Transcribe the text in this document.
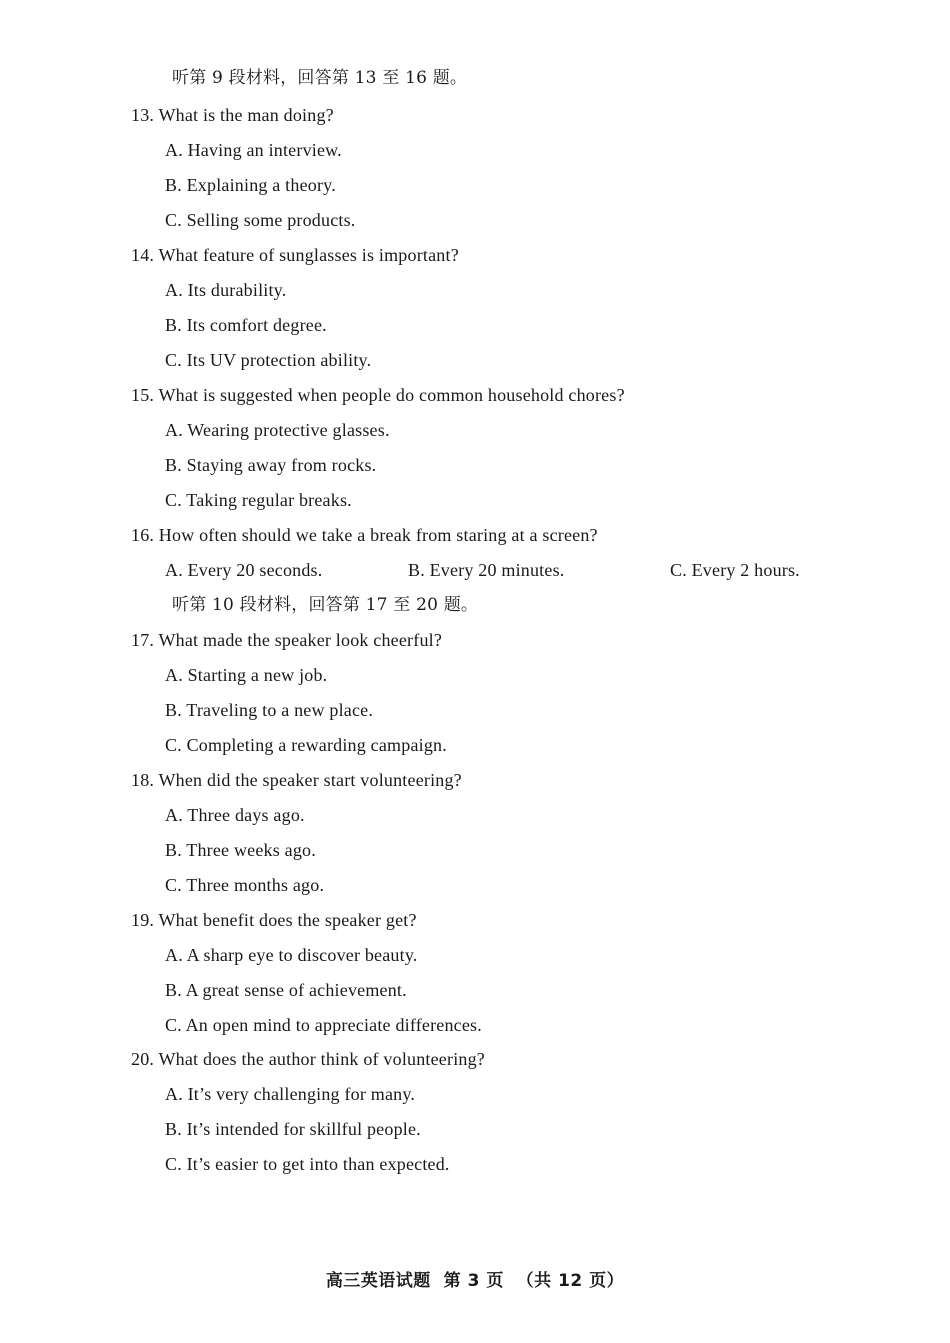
听第 9 段材料，回答第 13 至 16 题。
13. What is the man doing?
A. Having an interview.
B. Explaining a theory.
C. Selling some products.
14. What feature of sunglasses is important?
A. Its durability.
B. Its comfort degree.
C. Its UV protection ability.
15. What is suggested when people do common household chores?
A. Wearing protective glasses.
B. Staying away from rocks.
C. Taking regular breaks.
16. How often should we take a break from staring at a screen?
A. Every 20 seconds.	B. Every 20 minutes.	C. Every 2 hours.
听第 10 段材料，回答第 17 至 20 题。
17. What made the speaker look cheerful?
A. Starting a new job.
B. Traveling to a new place.
C. Completing a rewarding campaign.
18. When did the speaker start volunteering?
A. Three days ago.
B. Three weeks ago.
C. Three months ago.
19. What benefit does the speaker get?
A. A sharp eye to discover beauty.
B. A great sense of achievement.
C. An open mind to appreciate differences.
20. What does the author think of volunteering?
A. It’s very challenging for many.
B. It’s intended for skillful people.
C. It’s easier to get into than expected.
高三英语试题 第 3 页 （共 12 页）
